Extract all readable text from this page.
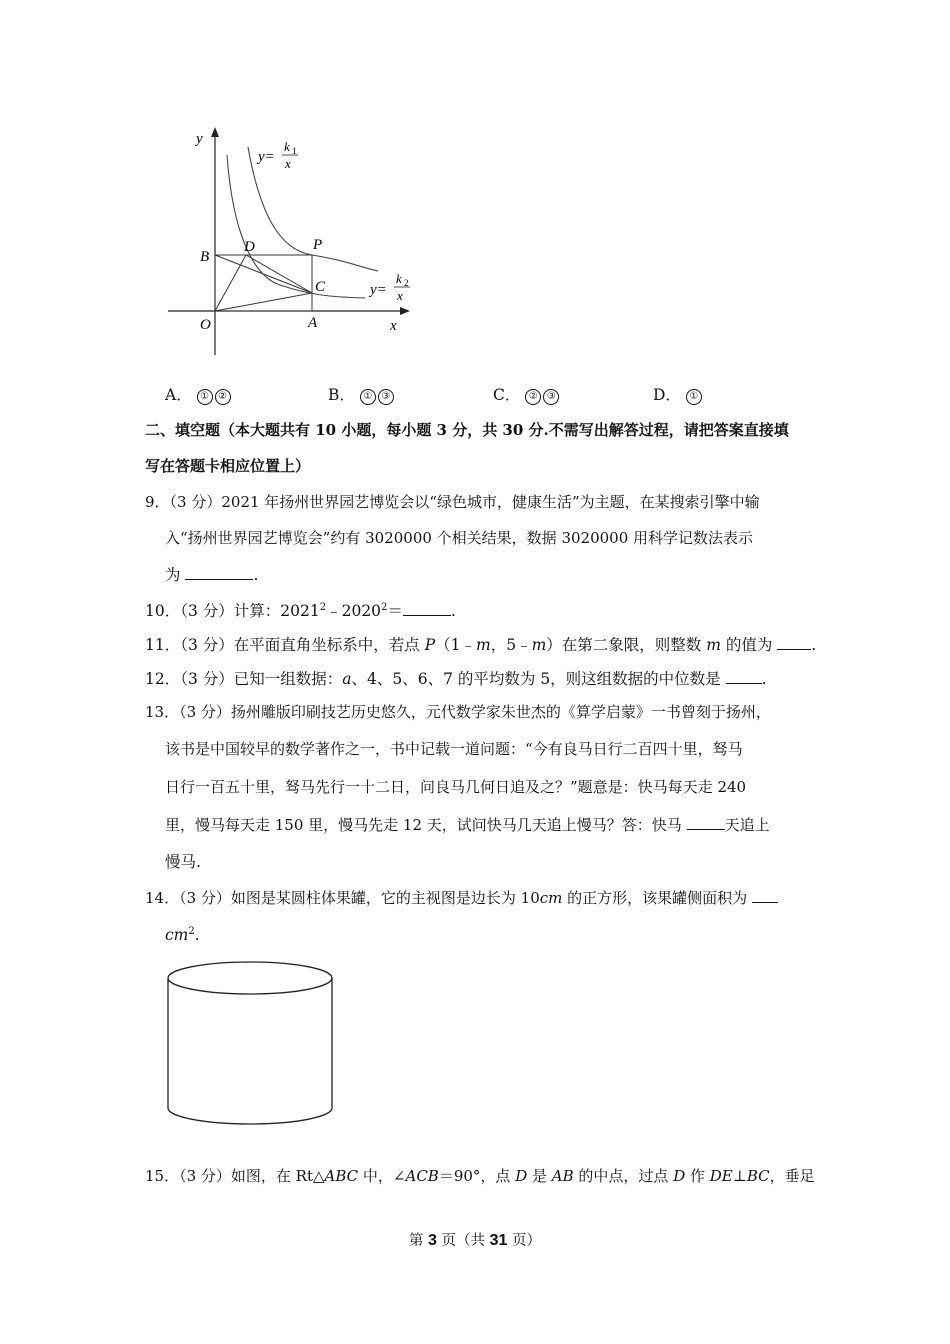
y
x
O
B
D	P
C
A
y=
k 1
x
y=
k 2
x
A． ① ②	B． ① ③	C． ② ③	D． ①
二、填空题（本大题共有 10 小题，每小题 3 分，共 30 分.不需写出解答过程，请把答案直接填
写在答题卡相应位置上）
9．（3 分）2021 年扬州世界园艺博览会以“绿色城市，健康生活”为主题，在某搜索引擎中输
入“扬州世界园艺博览会”约有 3020000 个相关结果，数据 3020000 用科学记数法表示
为	.
10．（3 分）计算：$2021^2﹣2020^2=$	.
11．（3 分）在平面直角坐标系中，若点 P（1﹣m，5﹣m）在第二象限，则整数 m 的值为 .
12．（3 分）已知一组数据：a、4、5、6、7 的平均数为 5，则这组数据的中位数是 .
13．（3 分）扬州雕版印刷技艺历史悠久，元代数学家朱世杰的《算学启蒙》一书曾刻于扬州，
该书是中国较早的数学著作之一，书中记载一道问题：“今有良马日行二百四十里，驽马
日行一百五十里，驽马先行一十二日，问良马几何日追及之？”题意是：快马每天走 240
里，慢马每天走 150 里，慢马先走 12 天，试问快马几天追上慢马？答：快马	天追上
慢马.
14．（3 分）如图是某圆柱体果罐，它的主视图是边长为 10cm 的正方形，该果罐侧面积为
$cm^2$.
15．（3 分）如图，在 Rt△ABC 中，∠ACB＝90°，点 D 是 AB 的中点，过点 D 作 DE⊥BC，垂足
第 3 页（共 31 页）
